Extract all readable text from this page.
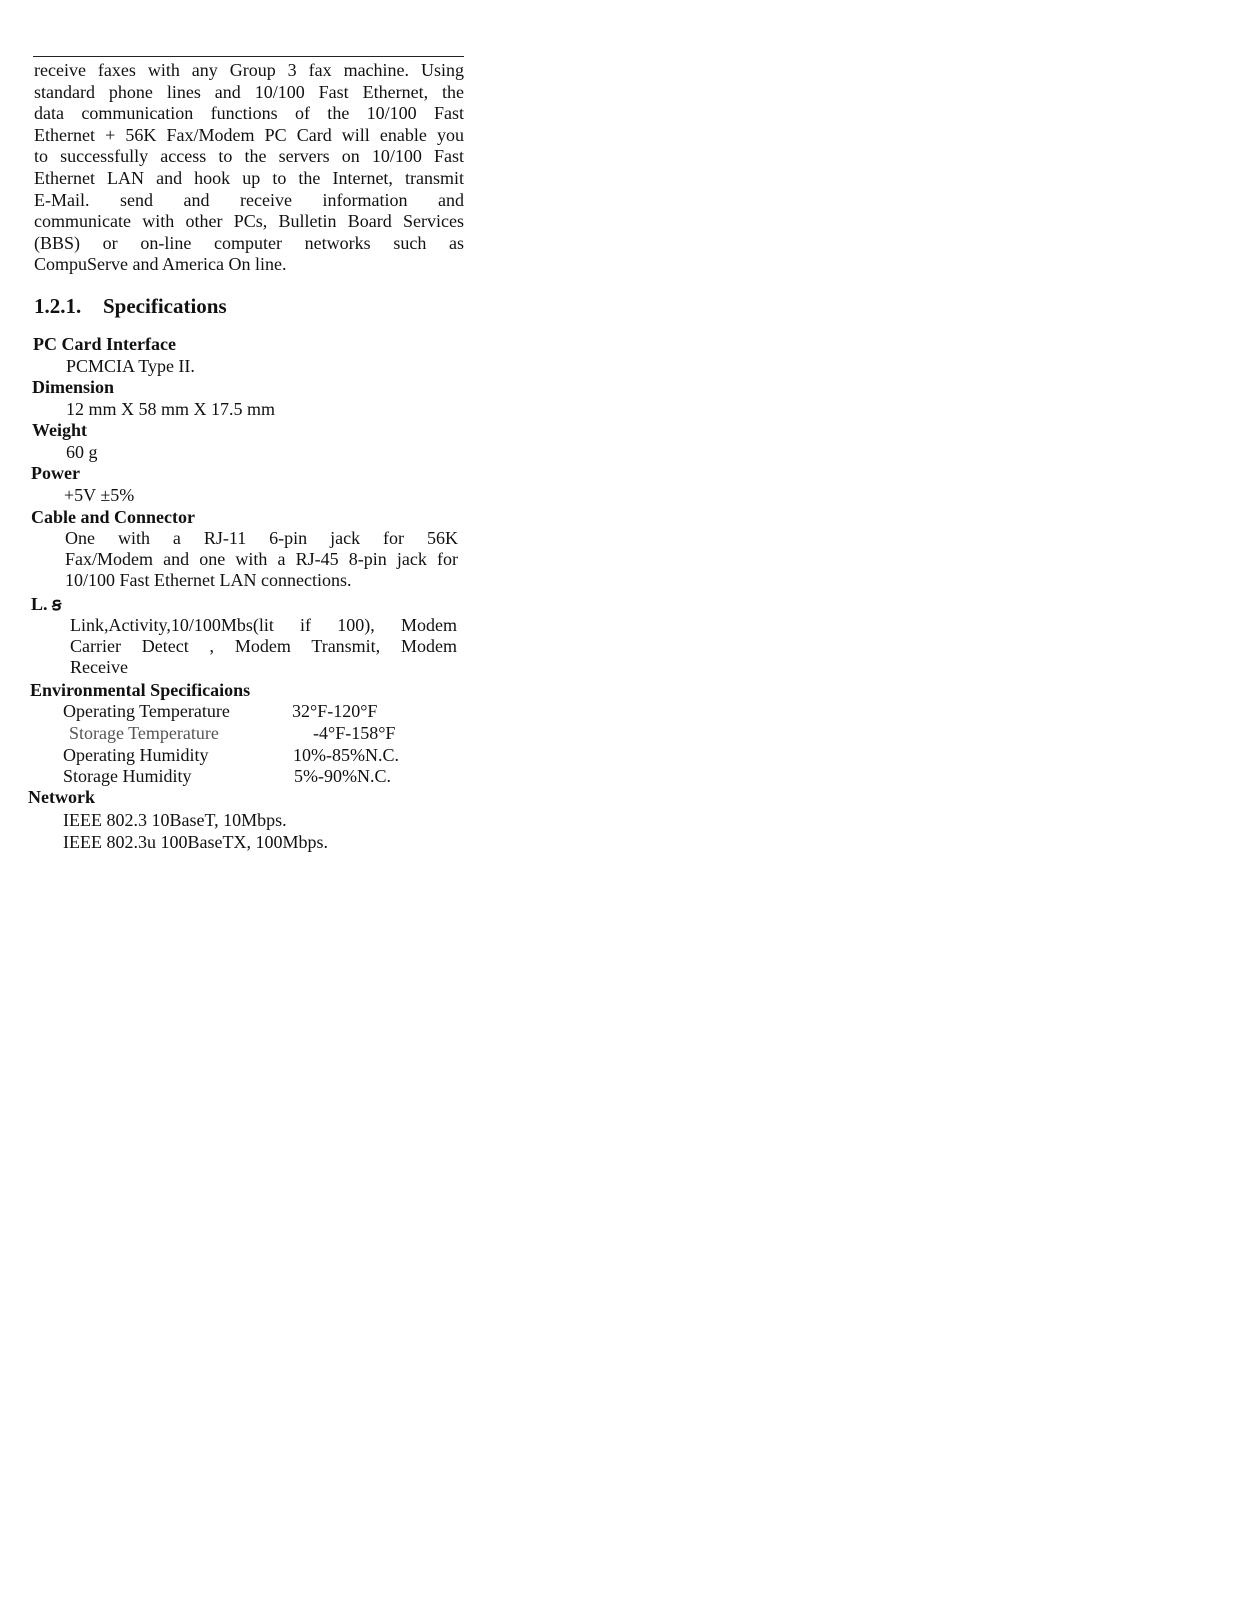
receive faxes with any Group 3 fax machine. Using
standard phone lines and 10/100 Fast Ethernet, the
data communication functions of the 10/100 Fast
Ethernet + 56K Fax/Modem PC Card will enable you
to successfully access to the servers on 10/100 Fast
Ethernet LAN and hook up to the Internet, transmit
E-Mail. send and receive information and
communicate with other PCs, Bulletin Board Services
(BBS) or on-line computer networks such as
CompuServe and America On line.
1.2.1. Specifications
PC Card Interface
PCMCIA Type II.
Dimension
12 mm X 58 mm X 17.5 mm
Weight
60 g
Power
+5V ±5%
Cable and Connector
One with a RJ-11 6-pin jack for 56K
Fax/Modem and one with a RJ-45 8-pin jack for
10/100 Fast Ethernet LAN connections.
L. ꞩ
Link,Activity,10/100Mbs(lit if 100), Modem
Carrier Detect , Modem Transmit, Modem
Receive
Environmental Specificaions
Operating Temperature	32°F-120°F
Storage Temperature	-4°F-158°F
Operating Humidity	10%-85%N.C.
Storage Humidity	5%-90%N.C.
Network
IEEE 802.3 10BaseT, 10Mbps.
IEEE 802.3u 100BaseTX, 100Mbps.
